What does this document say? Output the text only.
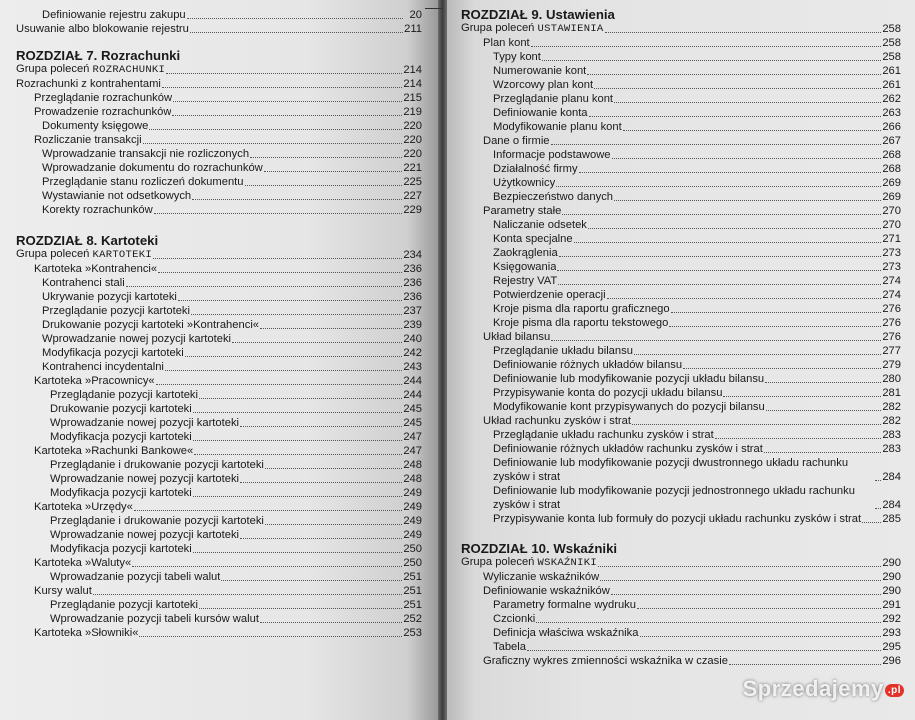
Definiowanie rejestru zakupu	20
Usuwanie albo blokowanie rejestru	211
ROZDZIAŁ 7. Rozrachunki
Grupa poleceń ROZRACHUNKI	214
Rozrachunki z kontrahentami	214
Przeglądanie rozrachunków	215
Prowadzenie rozrachunków	219
Dokumenty księgowe	220
Rozliczanie transakcji	220
Wprowadzanie transakcji nie rozliczonych	220
Wprowadzanie dokumentu do rozrachunków	221
Przeglądanie stanu rozliczeń dokumentu	225
Wystawianie not odsetkowych	227
Korekty rozrachunków	229
ROZDZIAŁ 8. Kartoteki
Grupa poleceń KARTOTEKI	234
Kartoteka »Kontrahenci«	236
Kontrahenci stali	236
Ukrywanie pozycji kartoteki	236
Przeglądanie pozycji kartoteki	237
Drukowanie pozycji kartoteki »Kontrahenci«	239
Wprowadzanie nowej pozycji kartoteki	240
Modyfikacja pozycji kartoteki	242
Kontrahenci incydentalni	243
Kartoteka »Pracownicy«	244
Przeglądanie pozycji kartoteki	244
Drukowanie pozycji kartoteki	245
Wprowadzanie nowej pozycji kartoteki	245
Modyfikacja pozycji kartoteki	247
Kartoteka »Rachunki Bankowe«	247
Przeglądanie i drukowanie pozycji kartoteki	248
Wprowadzanie nowej pozycji kartoteki	248
Modyfikacja pozycji kartoteki	249
Kartoteka »Urzędy«	249
Przeglądanie i drukowanie pozycji kartoteki	249
Wprowadzanie nowej pozycji kartoteki	249
Modyfikacja pozycji kartoteki	250
Kartoteka »Waluty«	250
Wprowadzanie pozycji tabeli walut	251
Kursy walut	251
Przeglądanie pozycji kartoteki	251
Wprowadzanie pozycji tabeli kursów walut	252
Kartoteka »Słowniki«	253
ROZDZIAŁ 9. Ustawienia
Grupa poleceń USTAWIENIA	258
Plan kont	258
Typy kont	258
Numerowanie kont	261
Wzorcowy plan kont	261
Przeglądanie planu kont	262
Definiowanie konta	263
Modyfikowanie planu kont	266
Dane o firmie	267
Informacje podstawowe	268
Działalność firmy	268
Użytkownicy	269
Bezpieczeństwo danych	269
Parametry stałe	270
Naliczanie odsetek	270
Konta specjalne	271
Zaokrąglenia	273
Księgowania	273
Rejestry VAT	274
Potwierdzenie operacji	274
Kroje pisma dla raportu graficznego	276
Kroje pisma dla raportu tekstowego	276
Układ bilansu	276
Przeglądanie układu bilansu	277
Definiowanie różnych układów bilansu	279
Definiowanie lub modyfikowanie pozycji układu bilansu	280
Przypisywanie konta do pozycji układu bilansu	281
Modyfikowanie kont przypisywanych do pozycji bilansu	282
Układ rachunku zysków i strat	282
Przeglądanie układu rachunku zysków i strat	283
Definiowanie różnych układów rachunku zysków i strat	283
Definiowanie lub modyfikowanie pozycji dwustronnego układu rachunku zysków i strat	284
Definiowanie lub modyfikowanie pozycji jednostronnego układu rachunku zysków i strat	284
Przypisywanie konta lub formuły do pozycji układu rachunku zysków i strat 285
ROZDZIAŁ 10. Wskaźniki
Grupa poleceń WSKAŹNIKI	290
Wyliczanie wskaźników	290
Definiowanie wskaźników	290
Parametry formalne wydruku	291
Czcionki	292
Definicja właściwa wskaźnika	293
Tabela	295
Graficzny wykres zmienności wskaźnika w czasie	296
Sprzedajemy .pl
